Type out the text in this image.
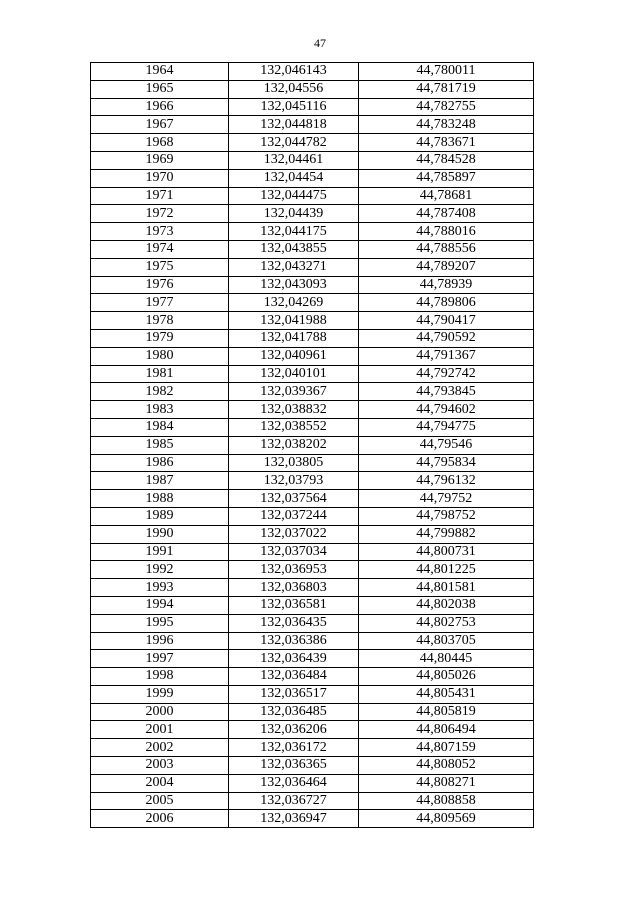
47
1964	132,046143	44,780011
1965	132,04556	44,781719
1966	132,045116	44,782755
1967	132,044818	44,783248
1968	132,044782	44,783671
1969	132,04461	44,784528
1970	132,04454	44,785897
1971	132,044475	44,78681
1972	132,04439	44,787408
1973	132,044175	44,788016
1974	132,043855	44,788556
1975	132,043271	44,789207
1976	132,043093	44,78939
1977	132,04269	44,789806
1978	132,041988	44,790417
1979	132,041788	44,790592
1980	132,040961	44,791367
1981	132,040101	44,792742
1982	132,039367	44,793845
1983	132,038832	44,794602
1984	132,038552	44,794775
1985	132,038202	44,79546
1986	132,03805	44,795834
1987	132,03793	44,796132
1988	132,037564	44,79752
1989	132,037244	44,798752
1990	132,037022	44,799882
1991	132,037034	44,800731
1992	132,036953	44,801225
1993	132,036803	44,801581
1994	132,036581	44,802038
1995	132,036435	44,802753
1996	132,036386	44,803705
1997	132,036439	44,80445
1998	132,036484	44,805026
1999	132,036517	44,805431
2000	132,036485	44,805819
2001	132,036206	44,806494
2002	132,036172	44,807159
2003	132,036365	44,808052
2004	132,036464	44,808271
2005	132,036727	44,808858
2006	132,036947	44,809569
